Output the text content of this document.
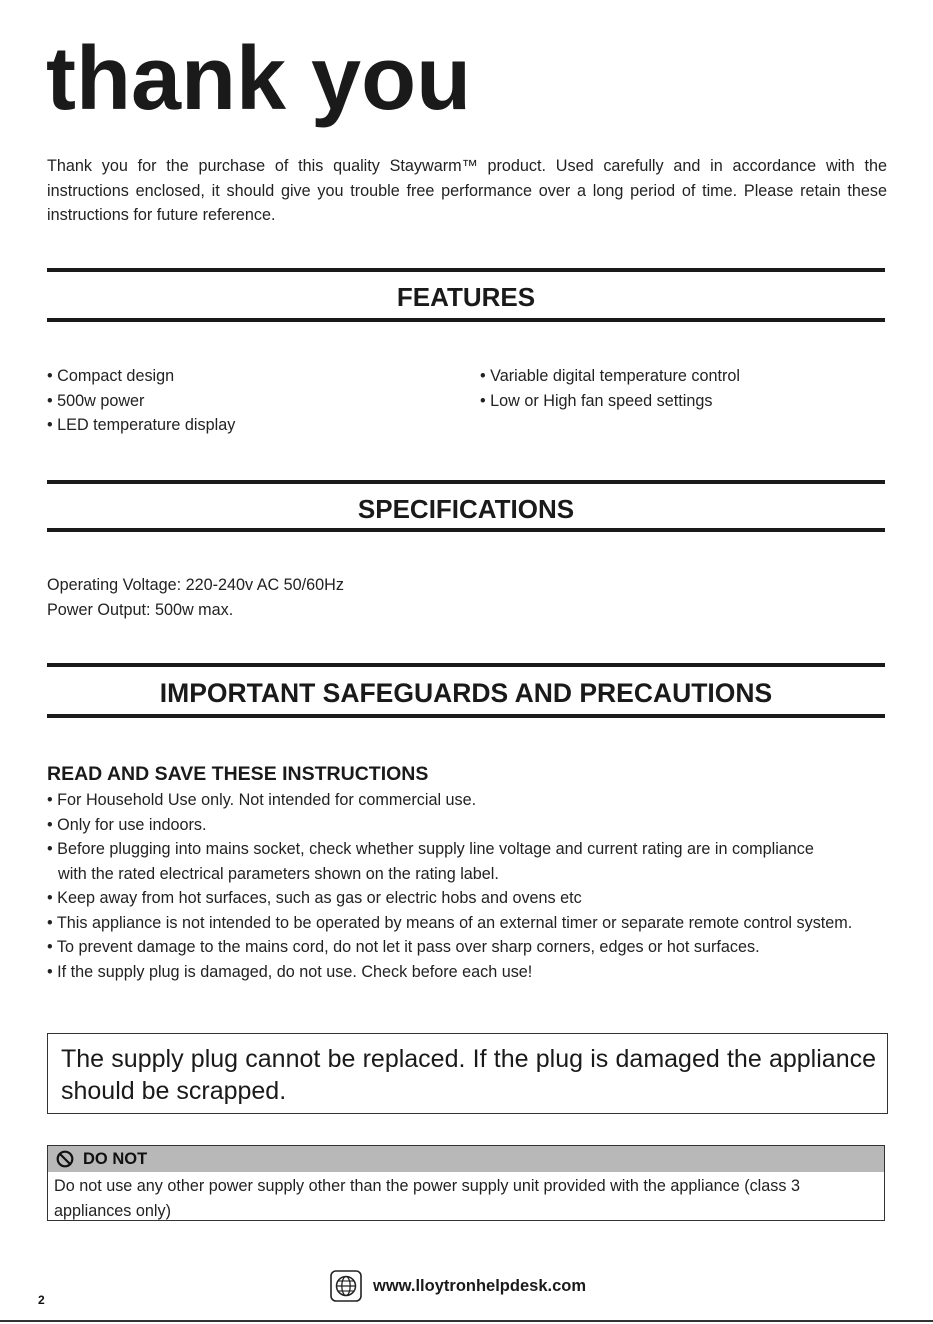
thank you

Thank you for the purchase of this quality Staywarm™ product. Used carefully and in accordance with the instructions enclosed, it should give you trouble free performance over a long period of time. Please retain these instructions for future reference.

FEATURES
• Compact design
• 500w power
• LED temperature display
• Variable digital temperature control
• Low or High fan speed settings
SPECIFICATIONS

Operating Voltage: 220-240v AC 50/60Hz

Power Output: 500w max.

IMPORTANT SAFEGUARDS AND PRECAUTIONS
READ AND SAVE THESE INSTRUCTIONS
• For Household Use only. Not intended for commercial use.
• Only for use indoors.
• Before plugging into mains socket, check whether supply line voltage and current rating are in compliance with the rated electrical parameters shown on the rating label.
• Keep away from hot surfaces, such as gas or electric hobs and ovens etc
• This appliance is not intended to be operated by means of an external timer or separate remote control system.
• To prevent damage to the mains cord, do not let it pass over sharp corners, edges or hot surfaces.
• If the supply plug is damaged, do not use. Check before each use!
The supply plug cannot be replaced. If the plug is damaged the appliance should be scrapped.
DO NOT
Do not use any other power supply other than the power supply unit provided with the appliance (class 3 appliances only)
2
www.lloytronhelpdesk.com
